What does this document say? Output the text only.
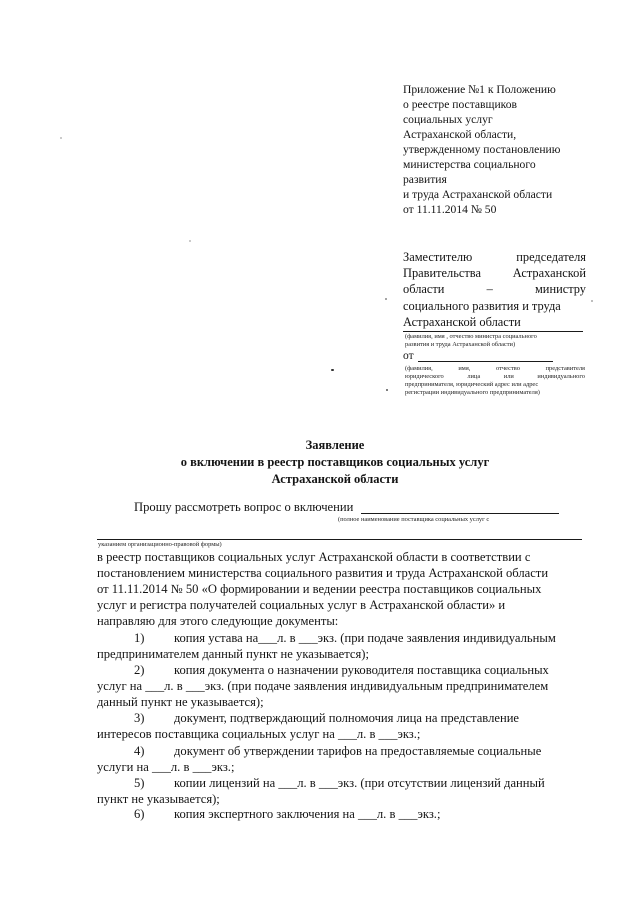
Приложение №1 к Положению
о реестре поставщиков
социальных услуг
Астраханской области,
утвержденному постановлению
министерства социального
развития
и труда Астраханской области
от 11.11.2014 № 50
Заместителю	председателя
Правительства	Астраханской
области	–	министру
социального развития и труда
Астраханской области
(фамилия, имя , отчество министра социального
развития и труда Астраханской области)
от
(фамилия,	имя,	отчество	представителя
юридического	лица	или	индивидуального
предпринимателя, юридический адрес или адрес
регистрации индивидуального предпринимателя)
Заявление
о включении в реестр поставщиков социальных услуг
Астраханской области
Прошу рассмотреть вопрос о включении
(полное наименование поставщика социальных услуг с
указанием организационно-правовой формы)
в реестр поставщиков социальных услуг Астраханской области в соответствии с
постановлением министерства социального развития и труда Астраханской области
от 11.11.2014 № 50 «О формировании и ведении реестра поставщиков социальных
услуг и регистра получателей социальных услуг в Астраханской области» и
направляю для этого следующие документы:
1)	копия устава на___л. в ___экз. (при подаче заявления индивидуальным
предпринимателем данный пункт не указывается);
2)	копия документа о назначении руководителя поставщика социальных
услуг на ___л. в ___экз. (при подаче заявления индивидуальным предпринимателем
данный пункт не указывается);
3)	документ, подтверждающий полномочия лица на представление
интересов поставщика социальных услуг на ___л. в ___экз.;
4)	документ об утверждении тарифов на предоставляемые социальные
услуги на ___л. в ___экз.;
5)	копии лицензий на ___л. в ___экз. (при отсутствии лицензий данный
пункт не указывается);
6)	копия экспертного заключения на ___л. в ___экз.;
